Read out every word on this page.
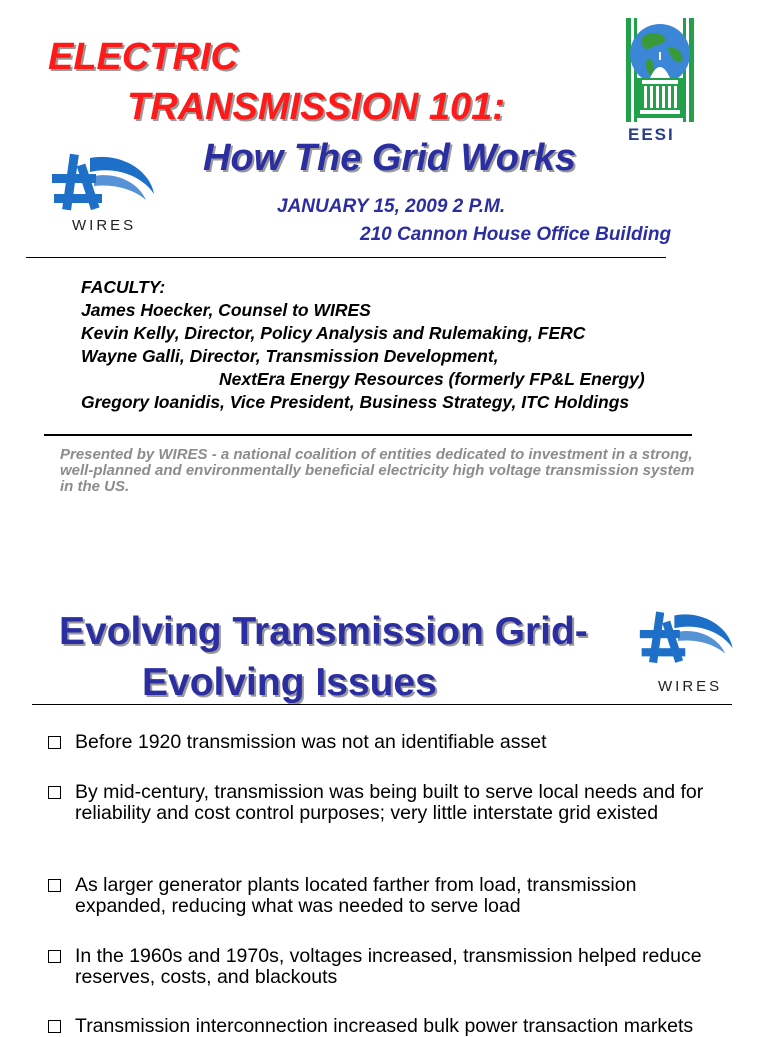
ELECTRIC
TRANSMISSION 101:
How The Grid Works
WIRES
EESI
JANUARY 15, 2009 2 P.M.
210 Cannon House Office Building
FACULTY:
James Hoecker, Counsel to WIRES
Kevin Kelly, Director, Policy Analysis and Rulemaking, FERC
Wayne Galli, Director, Transmission Development,
NextEra Energy Resources (formerly FP&L Energy)
Gregory Ioanidis, Vice President, Business Strategy, ITC Holdings
Presented by WIRES - a national coalition of entities dedicated to investment in a strong, well-planned and environmentally beneficial electricity high voltage transmission system in the US.
Evolving Transmission Grid-
Evolving Issues	WIRES
Before 1920 transmission was not an identifiable asset
By mid-century, transmission was being built to serve local needs and for reliability and cost control purposes; very little interstate grid existed
As larger generator plants located farther from load, transmission expanded, reducing what was needed to serve load
In the 1960s and 1970s, voltages increased, transmission helped reduce reserves, costs, and blackouts
Transmission interconnection increased bulk power transaction markets
